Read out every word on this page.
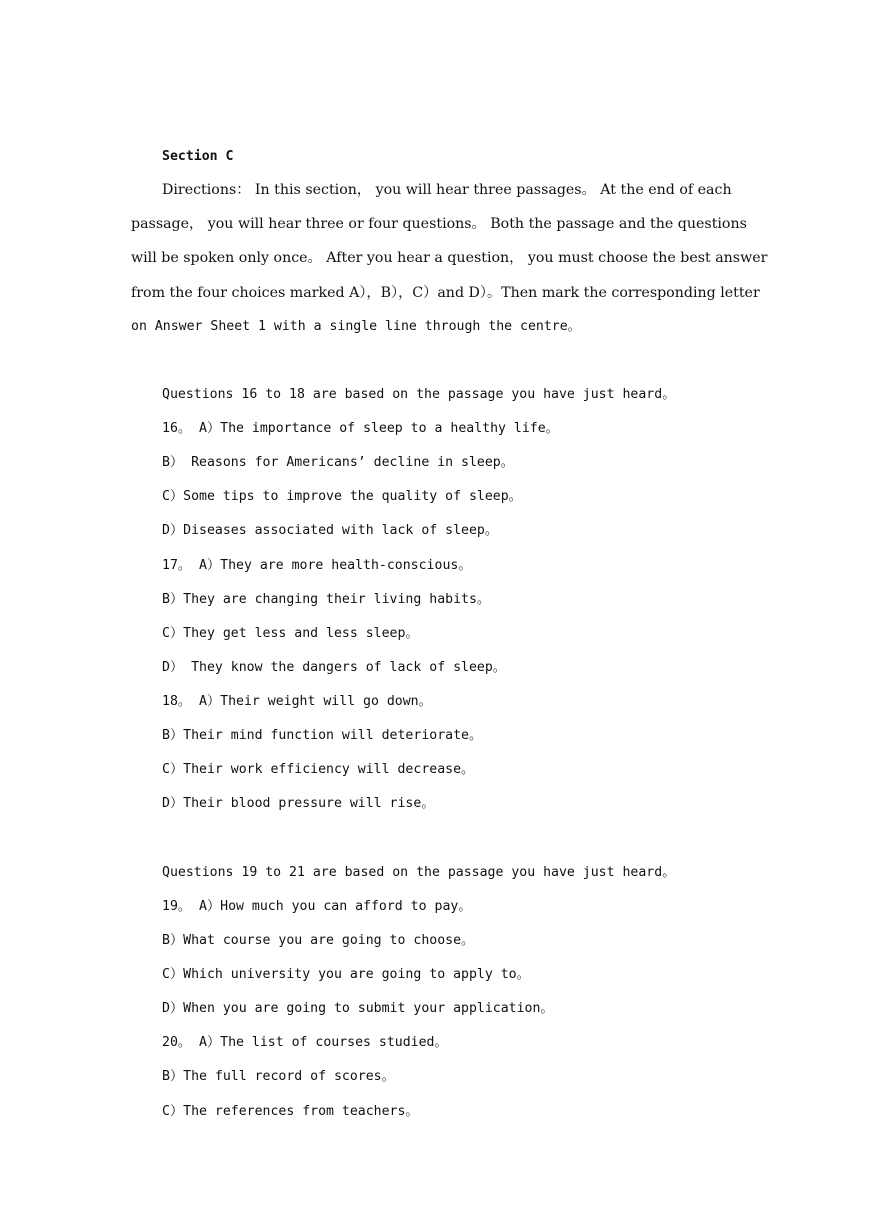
Section C
Directions： In this section， you will hear three passages。 At the end of each
passage， you will hear three or four questions。 Both the passage and the questions
will be spoken only once。 After you hear a question， you must choose the best answer
from the four choices marked A），B），C）and D）。Then mark the corresponding letter
on Answer Sheet 1 with a single line through the centre。
Questions 16 to 18 are based on the passage you have just heard。
16。 A）The importance of sleep to a healthy life。
B） Reasons for Americans’ decline in sleep。
C）Some tips to improve the quality of sleep。
D）Diseases associated with lack of sleep。
17。 A）They are more health-conscious。
B）They are changing their living habits。
C）They get less and less sleep。
D） They know the dangers of lack of sleep。
18。 A）Their weight will go down。
B）Their mind function will deteriorate。
C）Their work efficiency will decrease。
D）Their blood pressure will rise。
Questions 19 to 21 are based on the passage you have just heard。
19。 A）How much you can afford to pay。
B）What course you are going to choose。
C）Which university you are going to apply to。
D）When you are going to submit your application。
20。 A）The list of courses studied。
B）The full record of scores。
C）The references from teachers。
